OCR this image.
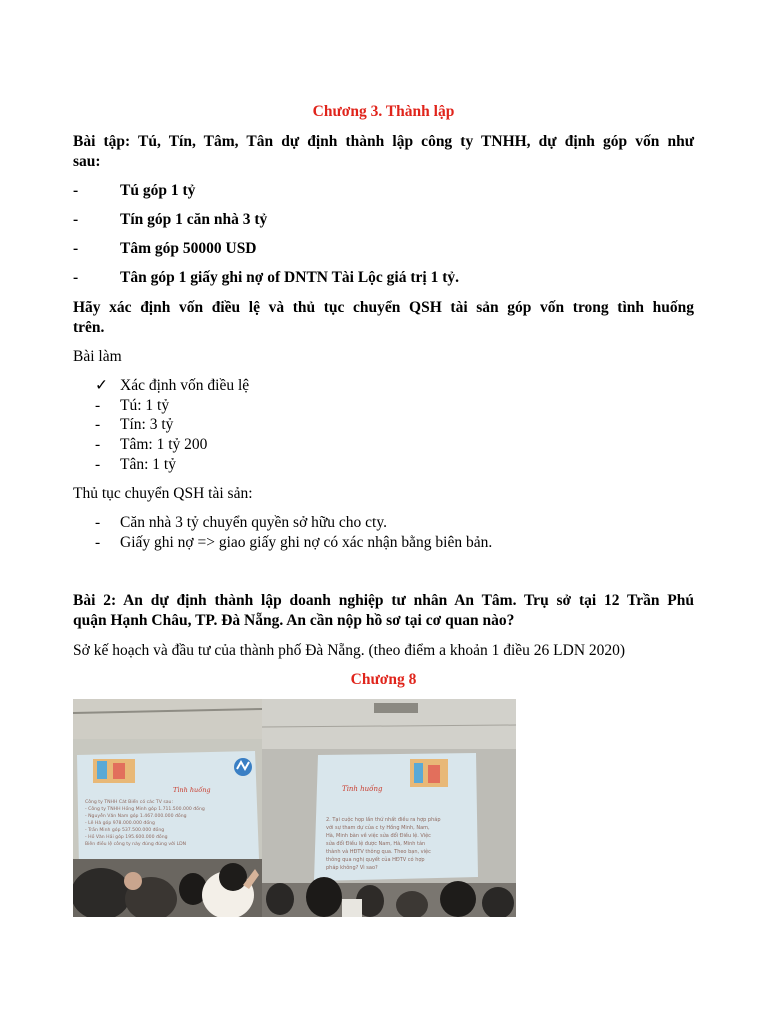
Chương 3. Thành lập
Bài tập: Tú, Tín, Tâm, Tân dự định thành lập công ty TNHH, dự định góp vốn như
sau:
-	Tú góp 1 tỷ
-	Tín góp 1 căn nhà 3 tỷ
-	Tâm góp 50000 USD
-	Tân góp 1 giấy ghi nợ of DNTN Tài Lộc giá trị 1 tỷ.
Hãy xác định vốn điều lệ và thủ tục chuyển QSH tài sản góp vốn trong tình huống
trên.
Bài làm
✓ Xác định vốn điều lệ
- Tú: 1 tỷ
- Tín: 3 tỷ
- Tâm: 1 tỷ 200
- Tân: 1 tỷ
Thủ tục chuyển QSH tài sản:
- Căn nhà 3 tỷ chuyển quyền sở hữu cho cty.
- Giấy ghi nợ => giao giấy ghi nợ có xác nhận bằng biên bản.
Bài 2: An dự định thành lập doanh nghiệp tư nhân An Tâm. Trụ sở tại 12 Trần Phú
quận Hạnh Châu, TP. Đà Nẵng. An cần nộp hồ sơ tại cơ quan nào?
Sở kế hoạch và đầu tư của thành phố Đà Nẵng. (theo điểm a khoản 1 điều 26 LDN 2020)
Chương 8
Tình huống
Công ty TNHH Cát Biển có các TV sau:
- Công ty TNHH Hồng Minh góp 1.711.500.000 đồng
- Nguyễn Văn Nam góp 1.467.000.000 đồng
- Lê Hà góp 978.000.000 đồng
- Trần Minh góp 537.500.000 đồng
- Hồ Văn Hải góp 195.600.000 đồng
Biên điều lệ công ty này đúng đúng với LDN
Tình huống
2. Tại cuộc họp lần thứ nhất điều ra hợp pháp
với sự tham dự của c ty Hồng Minh, Nam,
Hà, Minh bàn về việc sửa đổi Điều lệ. Việc
sửa đổi Điều lệ được Nam, Hà, Minh tán
thành và HĐTV thông qua. Theo bạn, việc
thông qua nghị quyết của HĐTV có hợp
pháp không? Vì sao?
